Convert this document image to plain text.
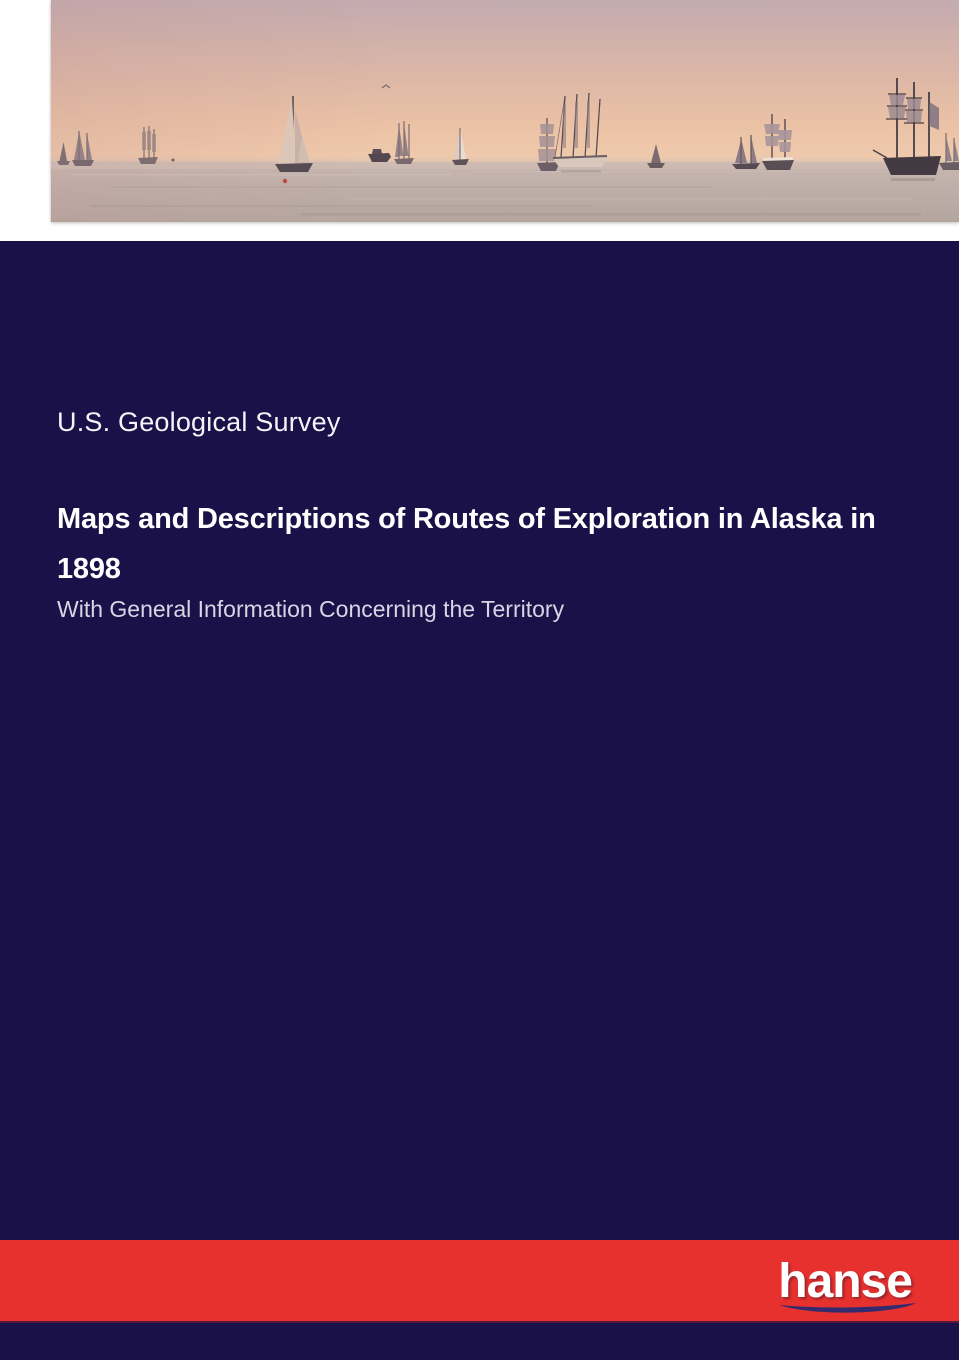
U.S. Geological Survey
Maps and Descriptions of Routes of Exploration in Alaska in
1898
With General Information Concerning the Territory
hanse
